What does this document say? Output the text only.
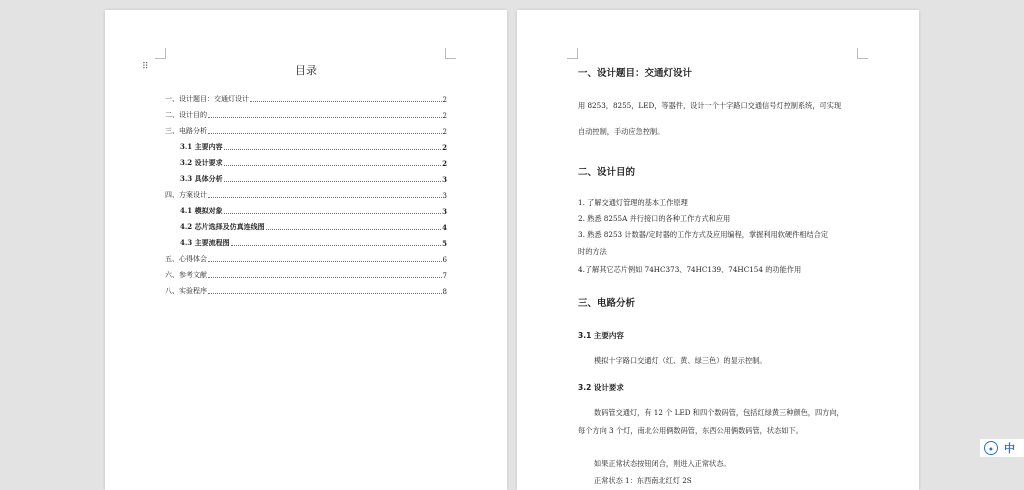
⠿	目录
一、设计题目：交通灯设计	2
二、设计目的	2
三、电路分析	2
3.1 主要内容	2
3.2 设计要求	2
3.3 具体分析	3
四、方案设计	3
4.1 模拟对象	3
4.2 芯片选择及仿真连线图	4
4.3 主要流程图	5
五、心得体会	6
六、参考文献	7
八、实验程序	8
一、设计题目：交通灯设计
用 8253，8255，LED，等器件，设计一个十字路口交通信号灯控制系统，可实现
自动控制，手动应急控制。
二、设计目的
1. 了解交通灯管理的基本工作原理
2. 熟悉 8255A 并行接口的各种工作方式和应用
3. 熟悉 8253 计数器/定时器的工作方式及应用编程，掌握利用软硬件相结合定
时的方法
4.了解其它芯片例如 74HC373、74HC139、74HC154 的功能作用
三、电路分析
3.1 主要内容
模拟十字路口交通灯（红、黄、绿三色）的显示控制。
3.2 设计要求
数码管交通灯，有 12 个 LED 和四个数码管，包括红绿黄三种颜色，四方向，
每个方向 3 个灯，南北公用俩数码管，东西公用俩数码管，状态如下。
如果正常状态按钮闭合，则进入正常状态。
正常状态 1：东西南北红灯 2S
●	中
